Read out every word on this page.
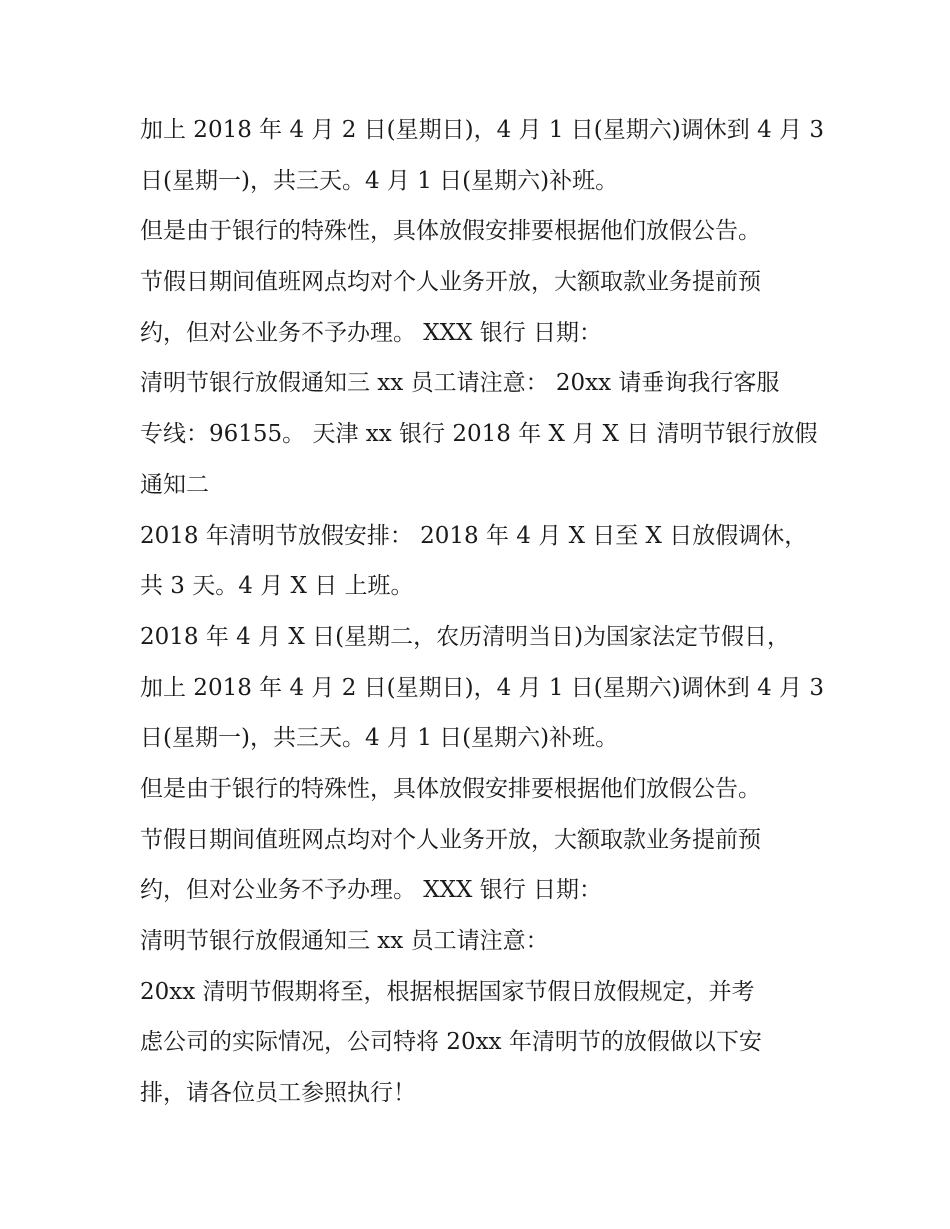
加上 2018 年 4 月 2 日(星期日)，4 月 1 日(星期六)调休到 4 月 3
日(星期一)，共三天。4 月 1 日(星期六)补班。
但是由于银行的特殊性，具体放假安排要根据他们放假公告。
节假日期间值班网点均对个人业务开放，大额取款业务提前预
约，但对公业务不予办理。 XXX 银行 日期：
清明节银行放假通知三 xx 员工请注意： 20xx 请垂询我行客服
专线：96155。 天津 xx 银行 2018 年 X 月 X 日 清明节银行放假
通知二
2018 年清明节放假安排： 2018 年 4 月 X 日至 X 日放假调休，
共 3 天。4 月 X 日 上班。
2018 年 4 月 X 日(星期二，农历清明当日)为国家法定节假日，
加上 2018 年 4 月 2 日(星期日)，4 月 1 日(星期六)调休到 4 月 3
日(星期一)，共三天。4 月 1 日(星期六)补班。
但是由于银行的特殊性，具体放假安排要根据他们放假公告。
节假日期间值班网点均对个人业务开放，大额取款业务提前预
约，但对公业务不予办理。 XXX 银行 日期：
清明节银行放假通知三 xx 员工请注意：
20xx 清明节假期将至，根据根据国家节假日放假规定，并考
虑公司的实际情况，公司特将 20xx 年清明节的放假做以下安
排，请各位员工参照执行！
